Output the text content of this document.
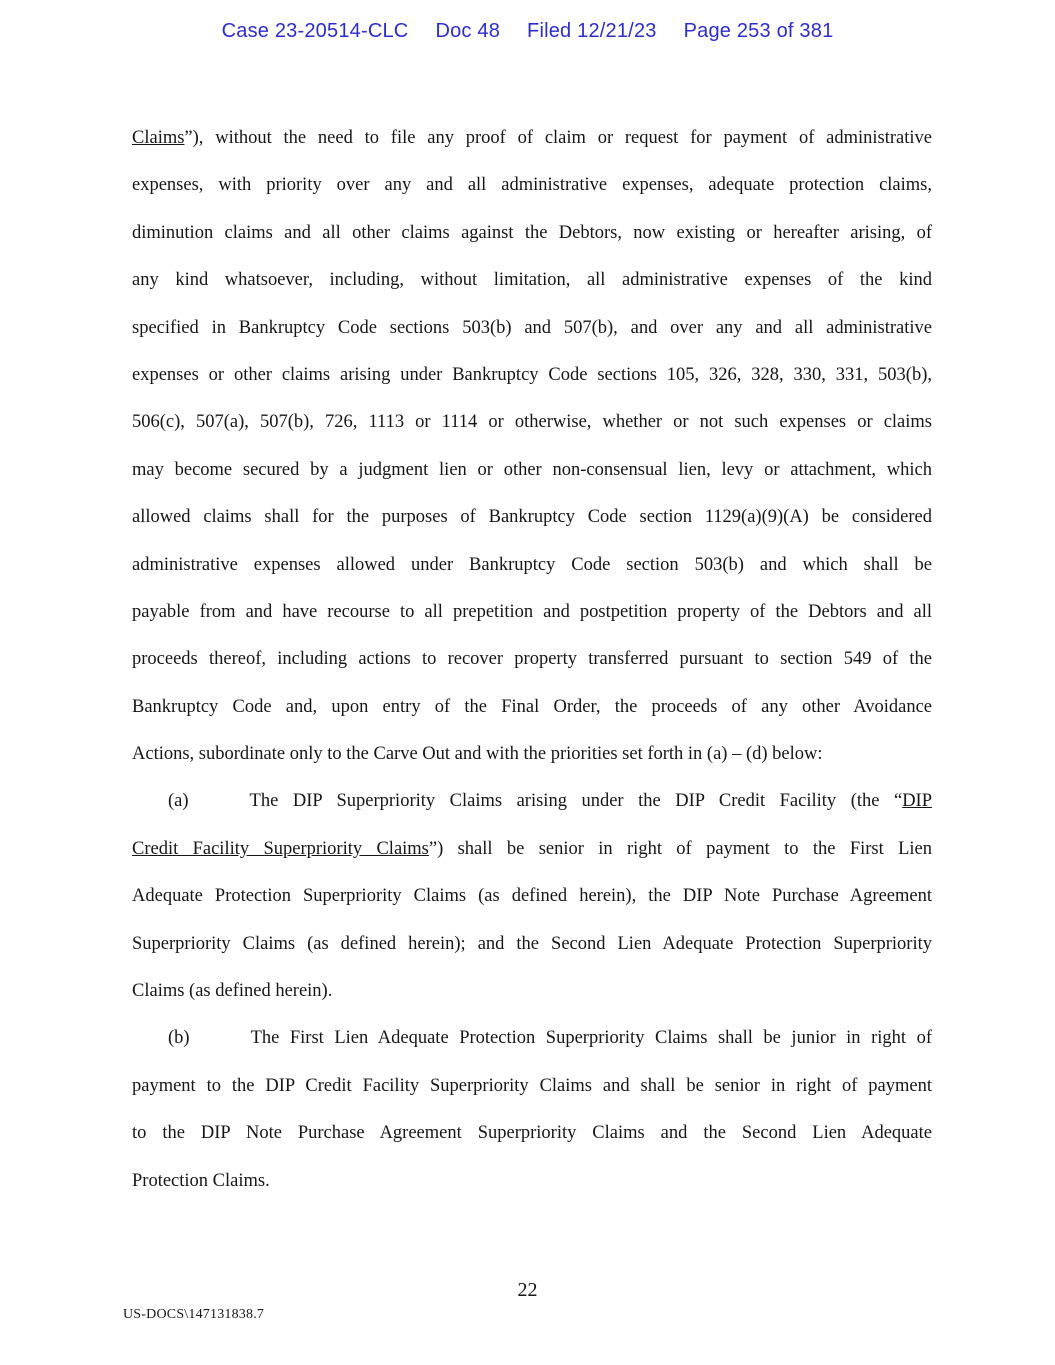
Case 23-20514-CLC Doc 48 Filed 12/21/23 Page 253 of 381
Claims”), without the need to file any proof of claim or request for payment of administrative
expenses, with priority over any and all administrative expenses, adequate protection claims,
diminution claims and all other claims against the Debtors, now existing or hereafter arising, of
any kind whatsoever, including, without limitation, all administrative expenses of the kind
specified in Bankruptcy Code sections 503(b) and 507(b), and over any and all administrative
expenses or other claims arising under Bankruptcy Code sections 105, 326, 328, 330, 331, 503(b),
506(c), 507(a), 507(b), 726, 1113 or 1114 or otherwise, whether or not such expenses or claims
may become secured by a judgment lien or other non-consensual lien, levy or attachment, which
allowed claims shall for the purposes of Bankruptcy Code section 1129(a)(9)(A) be considered
administrative expenses allowed under Bankruptcy Code section 503(b) and which shall be
payable from and have recourse to all prepetition and postpetition property of the Debtors and all
proceeds thereof, including actions to recover property transferred pursuant to section 549 of the
Bankruptcy Code and, upon entry of the Final Order, the proceeds of any other Avoidance
Actions, subordinate only to the Carve Out and with the priorities set forth in (a) – (d) below:
(a)	The DIP Superpriority Claims arising under the DIP Credit Facility (the “DIP
Credit Facility Superpriority Claims”) shall be senior in right of payment to the First Lien
Adequate Protection Superpriority Claims (as defined herein), the DIP Note Purchase Agreement
Superpriority Claims (as defined herein); and the Second Lien Adequate Protection Superpriority
Claims (as defined herein).
(b)	The First Lien Adequate Protection Superpriority Claims shall be junior in right of
payment to the DIP Credit Facility Superpriority Claims and shall be senior in right of payment
to the DIP Note Purchase Agreement Superpriority Claims and the Second Lien Adequate
Protection Claims.
22
US-DOCS\147131838.7
